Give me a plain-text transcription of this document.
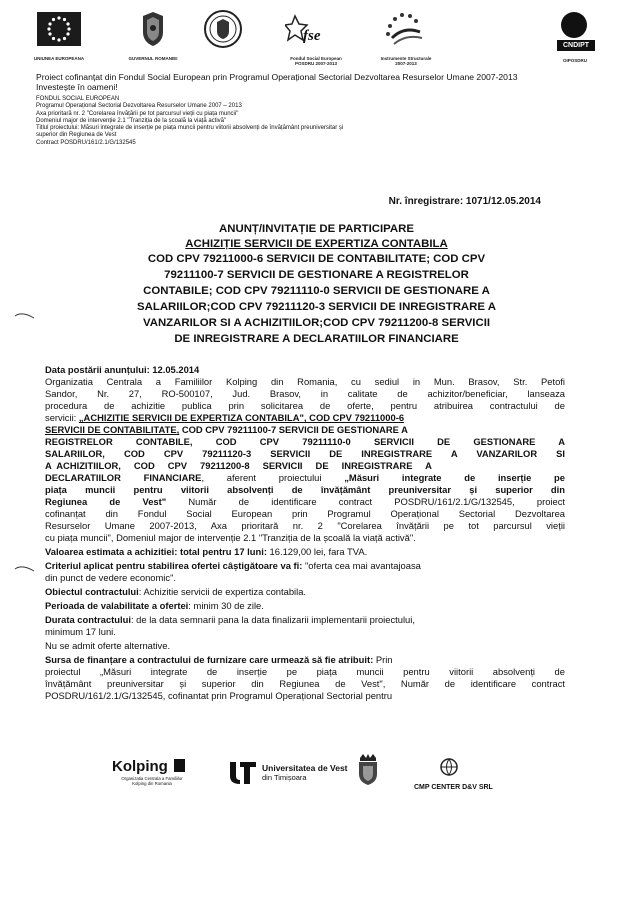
UNIUNEA EUROPEANA	GUVERNUL ROMANIEI
fse
Fondul Social European POSDRU 2007-2013
Instrumente Structurale 2007-2013
CNDIPT
OIPOSDRU
Proiect cofinanțat din Fondul Social European prin Programul Operațional Sectorial Dezvoltarea Resurselor Umane 2007-2013
Investește în oameni!
FONDUL SOCIAL EUROPEAN
Programul Operațional Sectorial Dezvoltarea Resurselor Umane 2007 – 2013
Axa prioritară nr. 2 "Corelarea învățării pe tot parcursul vieții cu piața muncii"
Domeniul major de intervenție 2.1 "Tranziția de la școală la viață activă"
Titlul proiectului: Măsuri integrate de inserție pe piața muncii pentru viitorii absolvenți de învățământ preuniversitar și
superior din Regiunea de Vest
Contract POSDRU/161/2.1/G/132545
Nr. înregistrare: 1071/12.05.2014
ANUNȚ/INVITAȚIE DE PARTICIPARE
ACHIZIȚIE SERVICII DE EXPERTIZA CONTABILA
COD CPV 79211000-6 SERVICII DE CONTABILITATE; COD CPV
79211100-7 SERVICII DE GESTIONARE A REGISTRELOR
CONTABILE; COD CPV 79211110-0 SERVICII DE GESTIONARE A
SALARIILOR;COD CPV 79211120-3 SERVICII DE INREGISTRARE A
VANZARILOR SI A ACHIZITIILOR;COD CPV 79211200-8 SERVICII
DE INREGISTRARE A DECLARATIILOR FINANCIARE
Data postării anunțului: 12.05.2014
Organizatia Centrala a Familiilor Kolping din Romania, cu sediul in Mun. Brasov, Str. Petofi
Sandor, Nr. 27, RO-500107, Jud. Brasov, in calitate de achizitor/beneficiar, lanseaza
procedura de achizitie publica prin solicitarea de oferte, pentru atribuirea contractului de
servicii: „ACHIZITIE SERVICII DE EXPERTIZA CONTABILA", COD CPV 79211000-6
SERVICII DE CONTABILITATE, COD CPV 79211100-7 SERVICII DE GESTIONARE A
REGISTRELOR CONTABILE, COD CPV 79211110-0 SERVICII DE GESTIONARE A
SALARIILOR, COD CPV 79211120-3 SERVICII DE INREGISTRARE A VANZARILOR SI
A  ACHIZITIILOR,     COD     CPV     79211200-8     SERVICII     DE     INREGISTRARE     A
DECLARATIILOR FINANCIARE, aferent proiectului „Măsuri integrate de inserție pe
piața muncii pentru viitorii absolvenți de învățământ preuniversitar și superior din
Regiunea de Vest" Număr de identificare contract POSDRU/161/2.1/G/132545, proiect
cofinanțat din Fondul Social European prin Programul Operațional Sectorial Dezvoltarea
Resurselor Umane 2007-2013, Axa prioritară nr. 2 "Corelarea învățării pe tot parcursul vieții
cu piața muncii", Domeniul major de intervenție 2.1 "Tranziția de la școală la viață activă".
Valoarea estimata a achizitiei: total pentru 17 luni: 16.129,00 lei, fara TVA.
Criteriul aplicat pentru stabilirea ofertei câștigătoare va fi: "oferta cea mai avantajoasa
din punct de vedere economic".
Obiectul contractului: Achizitie servicii de expertiza contabila.
Perioada de valabilitate a ofertei: minim 30 de zile.
Durata contractului: de la data semnarii pana la data finalizarii implementarii proiectului,
minimum 17 luni.
Nu se admit oferte alternative.
Sursa de finanțare a contractului de furnizare care urmează să fie atribuit: Prin
proiectul „Măsuri integrate de inserție pe piața muncii pentru viitorii absolvenți de
învățământ preuniversitar și superior din Regiunea de Vest", Număr de identificare contract
POSDRU/161/2.1/G/132545, cofinantat prin Programul Operațional Sectorial pentru
Kolping
Organizatia Centrala a Familiilor Kolping din Romania
Universitatea de Vest
din Timișoara
CMP CENTER D&V SRL
